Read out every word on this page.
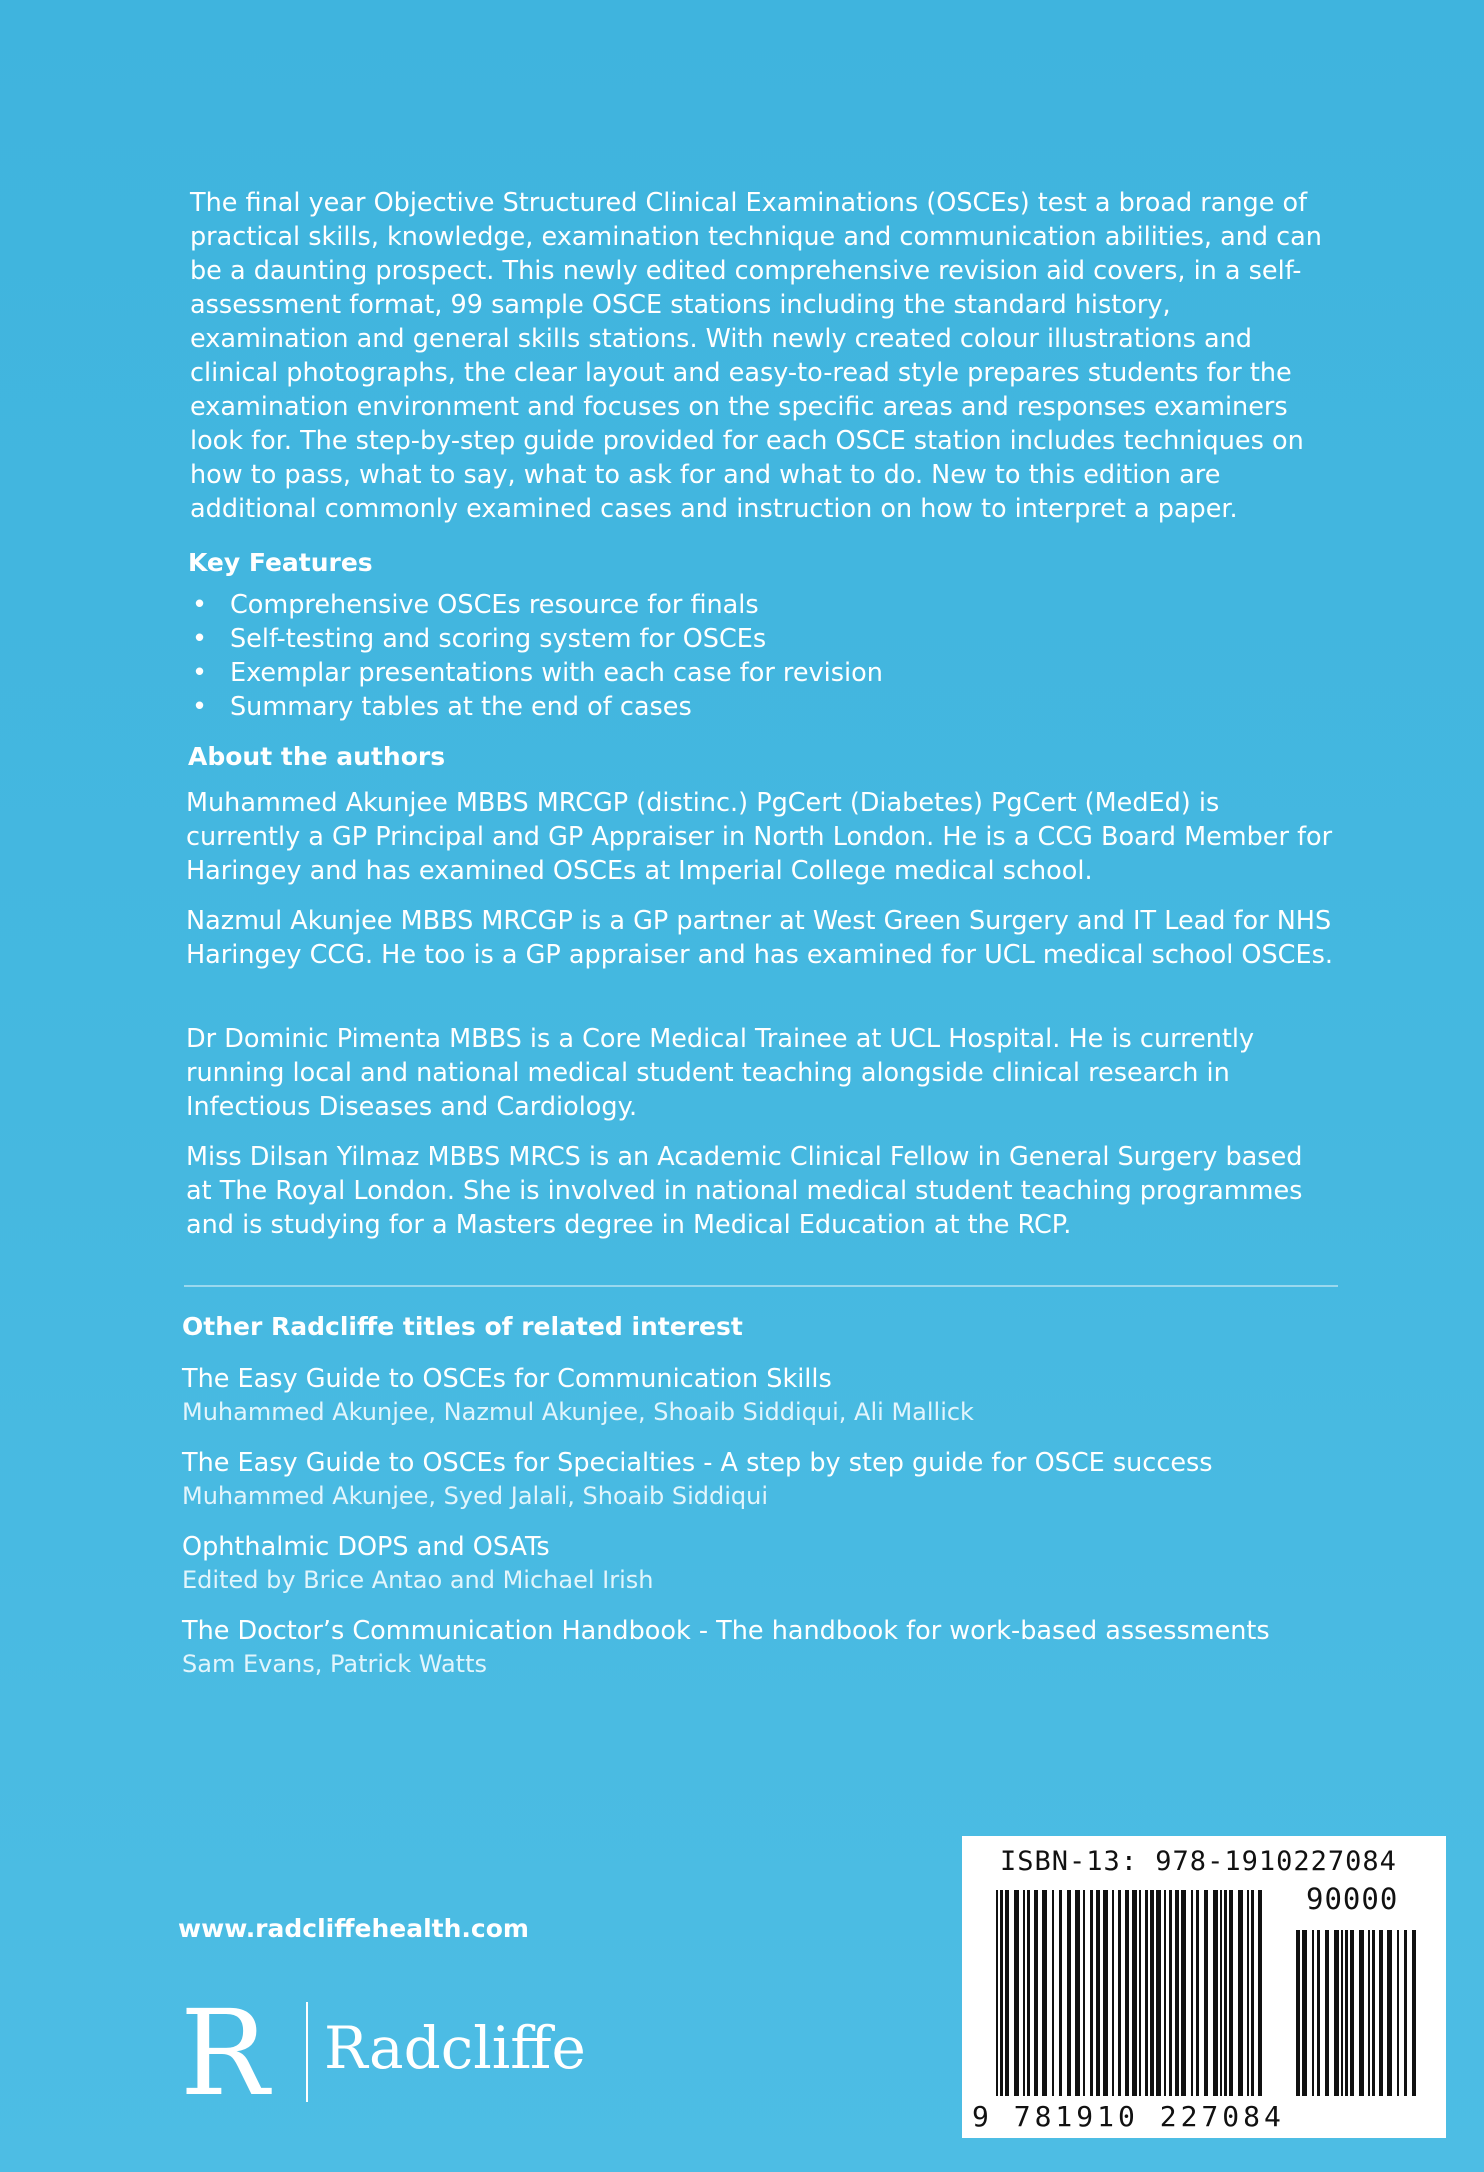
The final year Objective Structured Clinical Examinations (OSCEs) test a broad range of practical skills, knowledge, examination technique and communication abilities, and can be a daunting prospect. This newly edited comprehensive revision aid covers, in a self-assessment format, 99 sample OSCE stations including the standard history, examination and general skills stations. With newly created colour illustrations and clinical photographs, the clear layout and easy-to-read style prepares students for the examination environment and focuses on the specific areas and responses examiners look for. The step-by-step guide provided for each OSCE station includes techniques on how to pass, what to say, what to ask for and what to do. New to this edition are additional commonly examined cases and instruction on how to interpret a paper.

Key Features
• Comprehensive OSCEs resource for finals
• Self-testing and scoring system for OSCEs
• Exemplar presentations with each case for revision
• Summary tables at the end of cases
About the authors

Muhammed Akunjee MBBS MRCGP (distinc.) PgCert (Diabetes) PgCert (MedEd) is currently a GP Principal and GP Appraiser in North London. He is a CCG Board Member for Haringey and has examined OSCEs at Imperial College medical school.

Nazmul Akunjee MBBS MRCGP is a GP partner at West Green Surgery and IT Lead for NHS Haringey CCG. He too is a GP appraiser and has examined for UCL medical school OSCEs.

Dr Dominic Pimenta MBBS is a Core Medical Trainee at UCL Hospital. He is currently running local and national medical student teaching alongside clinical research in Infectious Diseases and Cardiology.

Miss Dilsan Yilmaz MBBS MRCS is an Academic Clinical Fellow in General Surgery based at The Royal London. She is involved in national medical student teaching programmes and is studying for a Masters degree in Medical Education at the RCP.

Other Radcliffe titles of related interest
The Easy Guide to OSCEs for Communication Skills
Muhammed Akunjee, Nazmul Akunjee, Shoaib Siddiqui, Ali Mallick
The Easy Guide to OSCEs for Specialties - A step by step guide for OSCE success
Muhammed Akunjee, Syed Jalali, Shoaib Siddiqui
Ophthalmic DOPS and OSATs
Edited by Brice Antao and Michael Irish
The Doctor’s Communication Handbook - The handbook for work-based assessments
Sam Evans, Patrick Watts
www.radcliffehealth.com
R Radcliffe
ISBN-13: 978-1910227084
90000
9 781910 227084
